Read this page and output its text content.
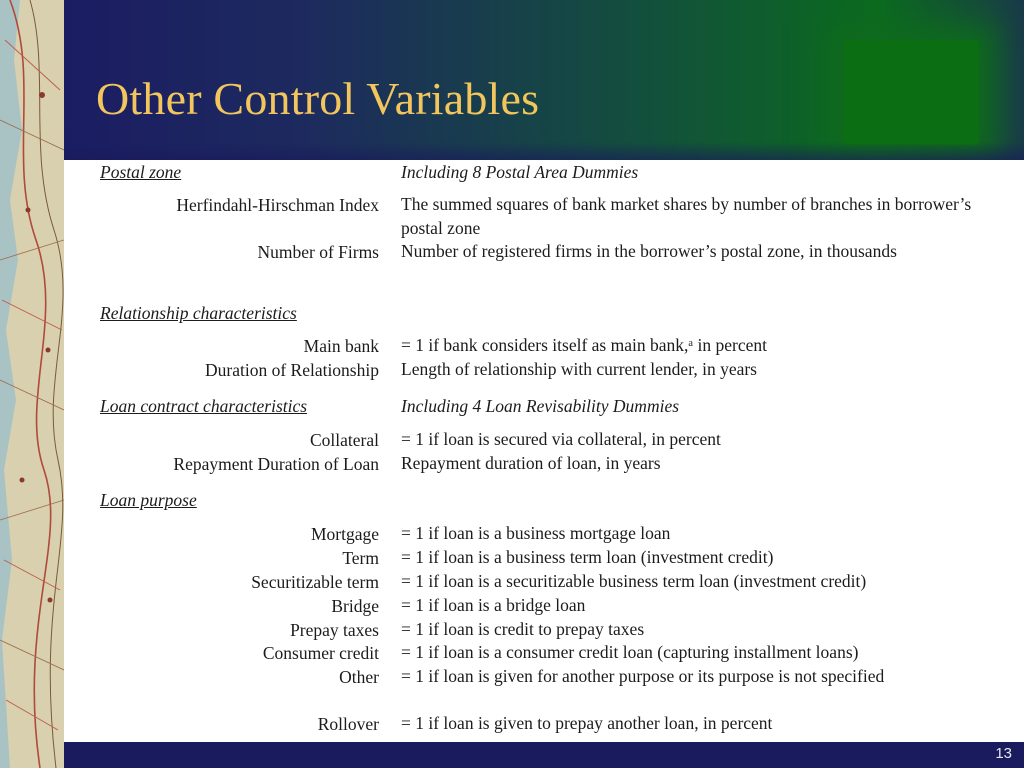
Other Control Variables
Postal zone	Including 8 Postal Area Dummies
Herfindahl-Hirschman Index The summed squares of bank market shares by number of branches in borrower’s postal zone
Number of Firms Number of registered firms in the borrower’s postal zone, in thousands
Relationship characteristics
Main bank = 1 if bank considers itself as main bank,ᵃ in percent
Duration of Relationship Length of relationship with current lender, in years
Loan contract characteristics	Including 4 Loan Revisability Dummies
Collateral = 1 if loan is secured via collateral, in percent
Repayment Duration of Loan Repayment duration of loan, in years
Loan purpose
Mortgage = 1 if loan is a business mortgage loan
Term = 1 if loan is a business term loan (investment credit)
Securitizable term = 1 if loan is a securitizable business term loan (investment credit)
Bridge = 1 if loan is a bridge loan
Prepay taxes = 1 if loan is credit to prepay taxes
Consumer credit = 1 if loan is a consumer credit loan (capturing installment loans)
Other = 1 if loan is given for another purpose or its purpose is not specified
Rollover = 1 if loan is given to prepay another loan, in percent
13
